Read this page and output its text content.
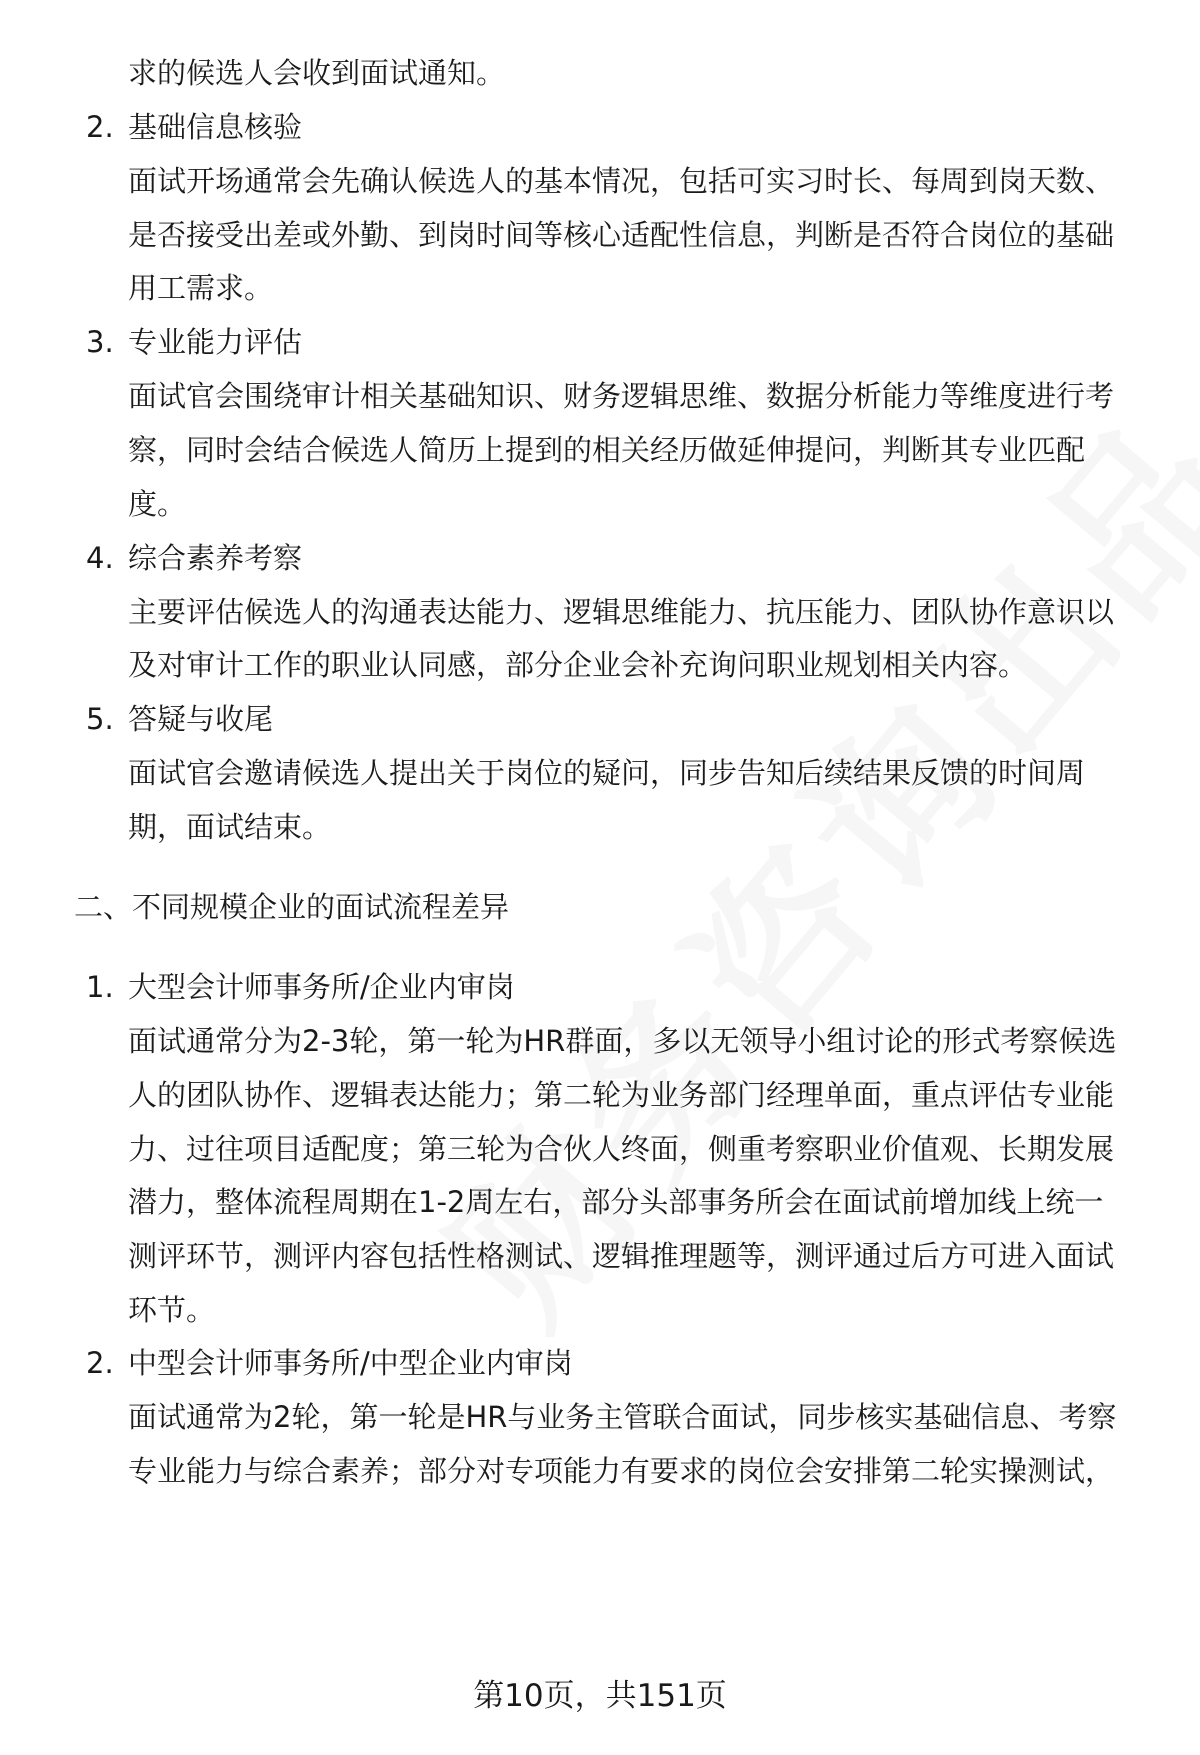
求的候选人会收到面试通知。
2. 基础信息核验
面试开场通常会先确认候选人的基本情况，包括可实习时长、每周到岗天数、
是否接受出差或外勤、到岗时间等核心适配性信息，判断是否符合岗位的基础
用工需求。
3. 专业能力评估
面试官会围绕审计相关基础知识、财务逻辑思维、数据分析能力等维度进行考
察，同时会结合候选人简历上提到的相关经历做延伸提问，判断其专业匹配
度。
4. 综合素养考察
主要评估候选人的沟通表达能力、逻辑思维能力、抗压能力、团队协作意识以
及对审计工作的职业认同感，部分企业会补充询问职业规划相关内容。
5. 答疑与收尾
面试官会邀请候选人提出关于岗位的疑问，同步告知后续结果反馈的时间周
期，面试结束。
二、不同规模企业的面试流程差异
1. 大型会计师事务所/企业内审岗
面试通常分为2-3轮，第一轮为HR群面，多以无领导小组讨论的形式考察候选
人的团队协作、逻辑表达能力；第二轮为业务部门经理单面，重点评估专业能
力、过往项目适配度；第三轮为合伙人终面，侧重考察职业价值观、长期发展
潜力，整体流程周期在1-2周左右，部分头部事务所会在面试前增加线上统一
测评环节，测评内容包括性格测试、逻辑推理题等，测评通过后方可进入面试
环节。
2. 中型会计师事务所/中型企业内审岗
面试通常为2轮，第一轮是HR与业务主管联合面试，同步核实基础信息、考察
专业能力与综合素养；部分对专项能力有要求的岗位会安排第二轮实操测试，
第10页，共151页
